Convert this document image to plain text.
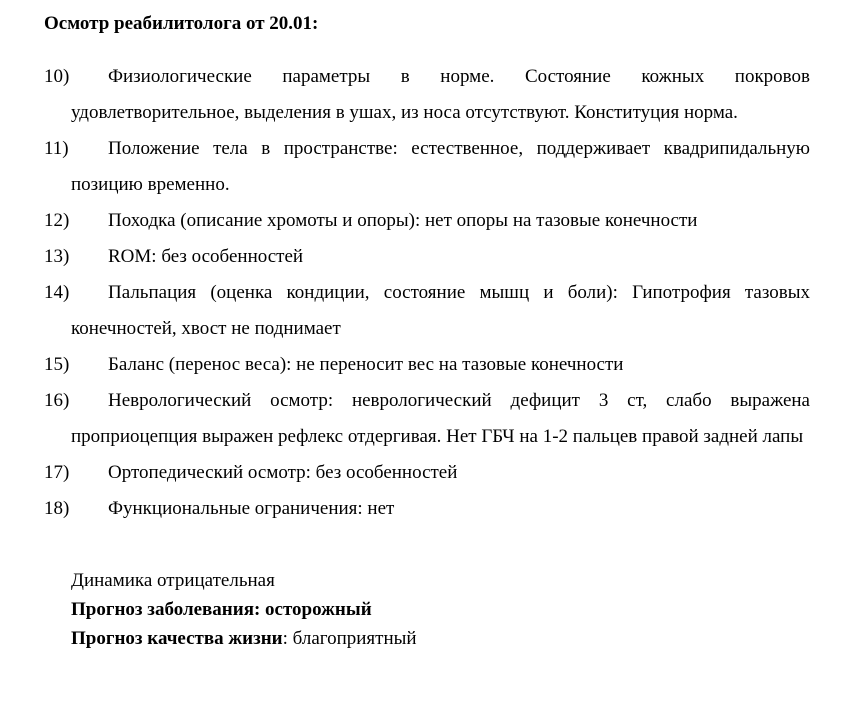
Осмотр реабилитолога от 20.01:
10)	Физиологические параметры в норме. Состояние кожных покровов удовлетворительное, выделения в ушах, из носа отсутствуют. Конституция норма.
11)	Положение тела в пространстве: естественное, поддерживает квадрипидальную позицию временно.
12)	Походка (описание хромоты и опоры): нет опоры на тазовые конечности
13)	ROM: без особенностей
14)	Пальпация (оценка кондиции, состояние мышц и боли): Гипотрофия тазовых конечностей, хвост не поднимает
15)	Баланс (перенос веса): не переносит вес на тазовые конечности
16)	Неврологический осмотр: неврологический дефицит 3 ст, слабо выражена проприоцепция выражен рефлекс отдергивая. Нет ГБЧ на 1-2 пальцев правой задней лапы
17)	Ортопедический осмотр: без особенностей
18)	Функциональные ограничения: нет
Динамика отрицательная
Прогноз заболевания: осторожный
Прогноз качества жизни: благоприятный
